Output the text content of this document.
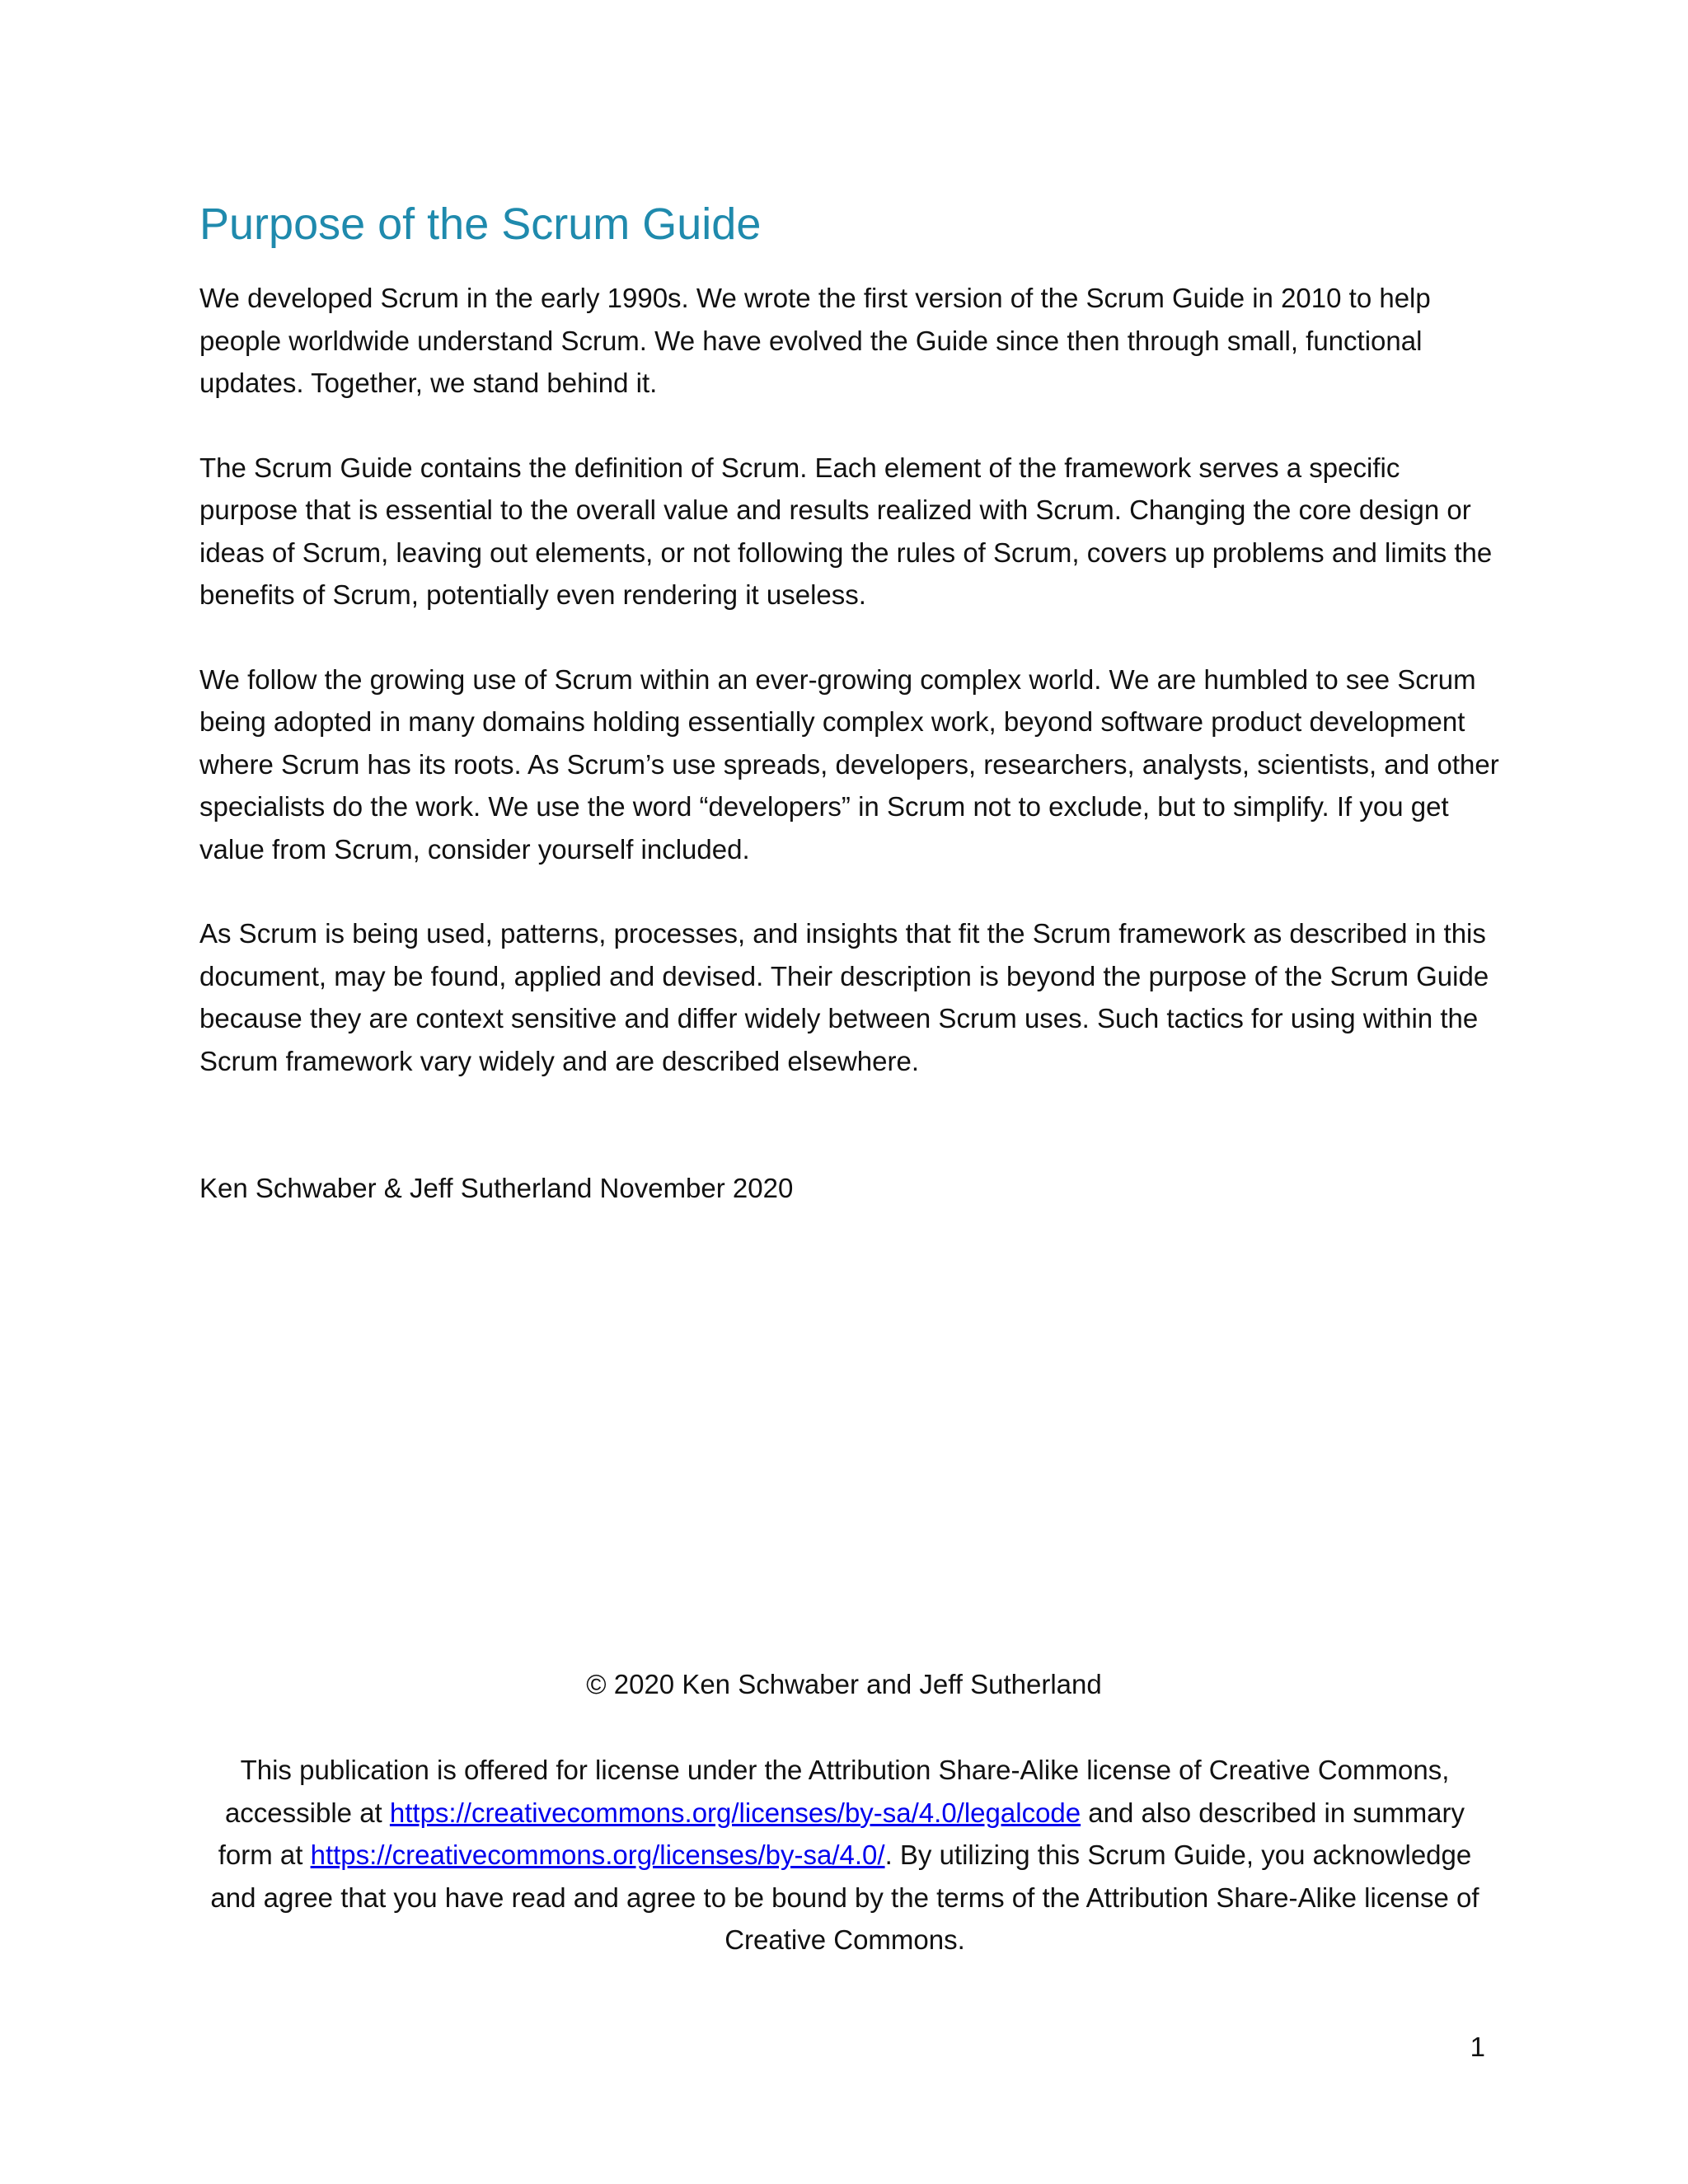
Purpose of the Scrum Guide

We developed Scrum in the early 1990s. We wrote the first version of the Scrum Guide in 2010 to help people worldwide understand Scrum. We have evolved the Guide since then through small, functional updates. Together, we stand behind it.

The Scrum Guide contains the definition of Scrum. Each element of the framework serves a specific purpose that is essential to the overall value and results realized with Scrum. Changing the core design or ideas of Scrum, leaving out elements, or not following the rules of Scrum, covers up problems and limits the benefits of Scrum, potentially even rendering it useless.

We follow the growing use of Scrum within an ever-growing complex world. We are humbled to see Scrum being adopted in many domains holding essentially complex work, beyond software product development where Scrum has its roots. As Scrum’s use spreads, developers, researchers, analysts, scientists, and other specialists do the work. We use the word “developers” in Scrum not to exclude, but to simplify. If you get value from Scrum, consider yourself included.

As Scrum is being used, patterns, processes, and insights that fit the Scrum framework as described in this document, may be found, applied and devised. Their description is beyond the purpose of the Scrum Guide because they are context sensitive and differ widely between Scrum uses. Such tactics for using within the Scrum framework vary widely and are described elsewhere.

Ken Schwaber & Jeff Sutherland November 2020

© 2020 Ken Schwaber and Jeff Sutherland

This publication is offered for license under the Attribution Share-Alike license of Creative Commons, accessible at https://creativecommons.org/licenses/by-sa/4.0/legalcode and also described in summary form at https://creativecommons.org/licenses/by-sa/4.0/. By utilizing this Scrum Guide, you acknowledge and agree that you have read and agree to be bound by the terms of the Attribution Share-Alike license of Creative Commons.

1
